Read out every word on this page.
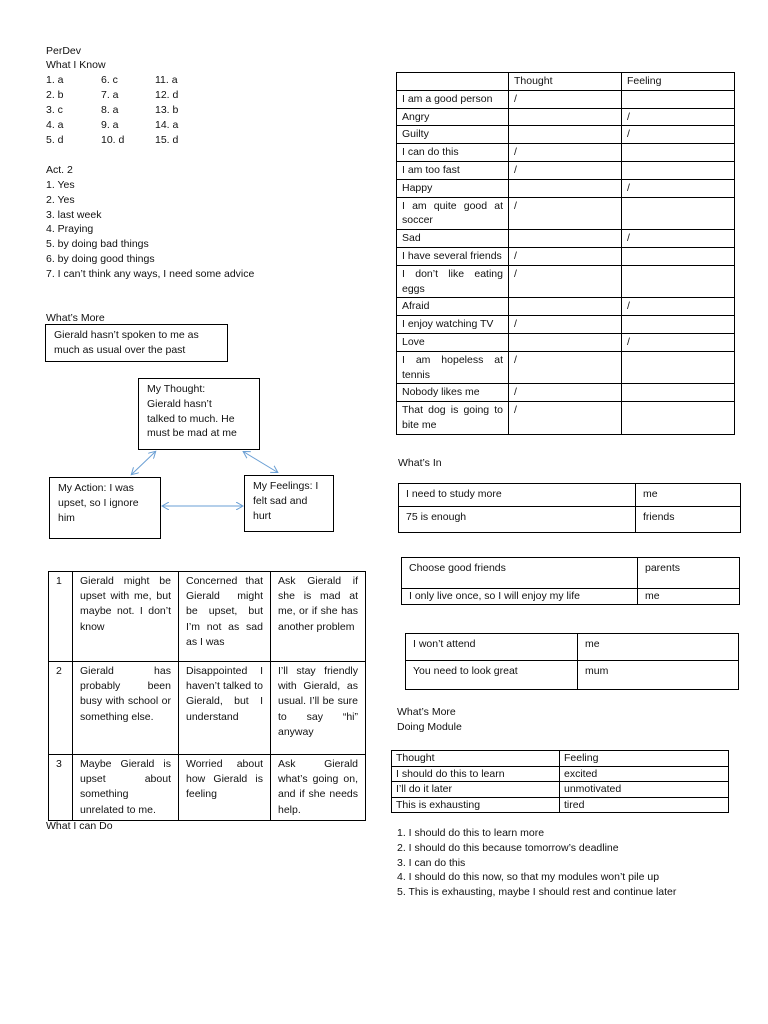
PerDev
What I Know
1. a	6. c	11. a
2. b	7. a	12. d
3. c	8. a	13. b
4. a	9. a	14. a
5. d	10. d	15. d
Act. 2
1. Yes
2. Yes
3. last week
4. Praying
5. by doing bad things
6. by doing good things
7. I can’t think any ways, I need some advice
What’s More
Gierald hasn’t spoken to me as
much as usual over the past
My Thought:
Gierald hasn’t
talked to much. He
must be mad at me
My Action: I was
upset, so I ignore
him
My Feelings: I
felt sad and
hurt
1	Gierald might be upset with me, but maybe not. I don’t know	Concerned that Gierald might be upset, but I’m not as sad as I was	Ask Gierald if she is mad at me, or if she has another problem
2	Gierald has probably been busy with school or something else.	Disappointed I haven’t talked to Gierald, but I understand	I’ll stay friendly with Gierald, as usual. I’ll be sure to say “hi” anyway
3	Maybe Gierald is upset about something unrelated to me.	Worried about how Gierald is feeling	Ask Gierald what’s going on, and if she needs help.
What I can Do
	Thought	Feeling
I am a good person	/	
Angry		/
Guilty		/
I can do this	/	
I am too fast	/	
Happy		/
I am quite good at soccer	/	
Sad		/
I have several friends	/	
I don’t like eating eggs	/	
Afraid		/
I enjoy watching TV	/	
Love		/
I am hopeless at tennis	/	
Nobody likes me	/	
That dog is going to bite me	/	
What’s In
I need to study more	me
75 is enough	friends
Choose good friends	parents
I only live once, so I will enjoy my life	me
I won’t attend	me
You need to look great	mum
What’s More
Doing Module
Thought	Feeling
I should do this to learn	excited
I’ll do it later	unmotivated
This is exhausting	tired
1. I should do this to learn more
2. I should do this because tomorrow’s deadline
3. I can do this
4. I should do this now, so that my modules won’t pile up
5. This is exhausting, maybe I should rest and continue later
